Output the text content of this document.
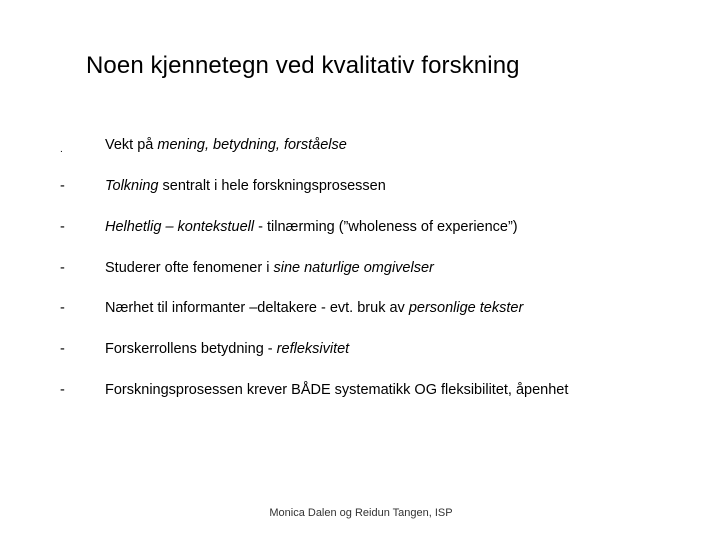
Noen kjennetegn ved kvalitativ forskning
.	Vekt på mening, betydning, forståelse
-	Tolkning sentralt i hele forskningsprosessen
-	Helhetlig – kontekstuell - tilnærming (”wholeness of experience”)
-	Studerer ofte fenomener i sine naturlige omgivelser
-	Nærhet til informanter –deltakere - evt. bruk av personlige tekster
-	Forskerrollens betydning - refleksivitet
-	Forskningsprosessen krever BÅDE systematikk OG fleksibilitet, åpenhet
Monica Dalen og Reidun Tangen, ISP
